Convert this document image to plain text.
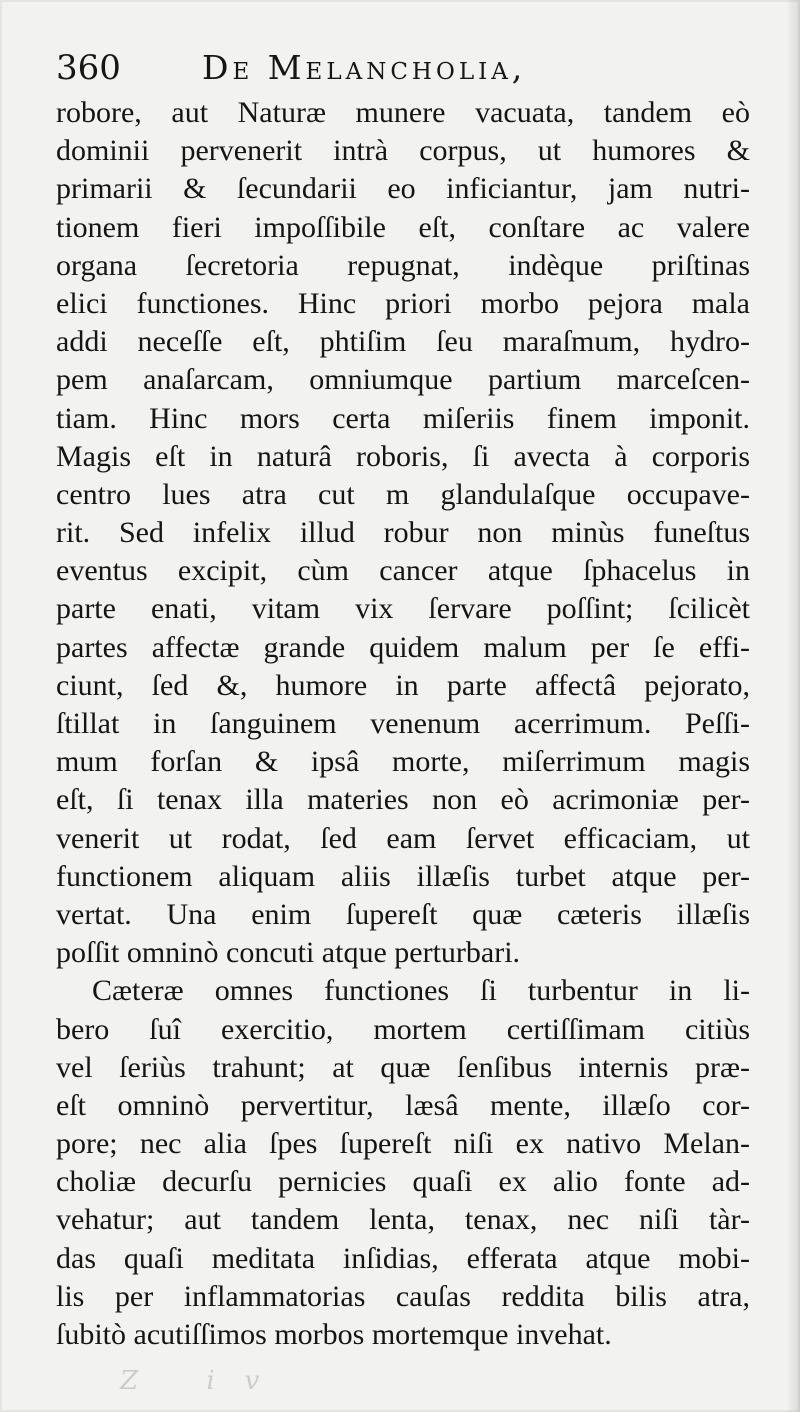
360 De Melancholia,
robore, aut Naturæ munere vacuata, tandem eò
dominii pervenerit intrà corpus, ut humores &
primarii & ſecundarii eo inficiantur, jam nutri-
tionem fieri impoſſibile eſt, conſtare ac valere
organa ſecretoria repugnat, indèque priſtinas
elici functiones. Hinc priori morbo pejora mala
addi neceſſe eſt, phtiſim ſeu maraſmum, hydro-
pem anaſarcam, omniumque partium marceſcen-
tiam. Hinc mors certa miſeriis finem imponit.
Magis eſt in naturâ roboris, ſi avecta à corporis
centro lues atra cut m glandulaſque occupave-
rit. Sed infelix illud robur non minùs funeſtus
eventus excipit, cùm cancer atque ſphacelus in
parte enati, vitam vix ſervare poſſint; ſcilicèt
partes affectæ grande quidem malum per ſe effi-
ciunt, ſed &, humore in parte affectâ pejorato,
ſtillat in ſanguinem venenum acerrimum. Peſſi-
mum forſan & ipsâ morte, miſerrimum magis
eſt, ſi tenax illa materies non eò acrimoniæ per-
venerit ut rodat, ſed eam ſervet efficaciam, ut
functionem aliquam aliis illæſis turbet atque per-
vertat. Una enim ſupereſt quæ cæteris illæſis
poſſit omninò concuti atque perturbari.
Cæteræ omnes functiones ſi turbentur in li-
bero ſuî exercitio, mortem certiſſimam citiùs
vel ſeriùs trahunt; at quæ ſenſibus internis præ-
eſt omninò pervertitur, læsâ mente, illæſo cor-
pore; nec alia ſpes ſupereſt niſi ex nativo Melan-
choliæ decurſu pernicies quaſi ex alio fonte ad-
vehatur; aut tandem lenta, tenax, nec niſi tàr-
das quaſi meditata inſidias, efferata atque mobi-
lis per inflammatorias cauſas reddita bilis atra,
ſubitò acutiſſimos morbos mortemque invehat.
Z iv
